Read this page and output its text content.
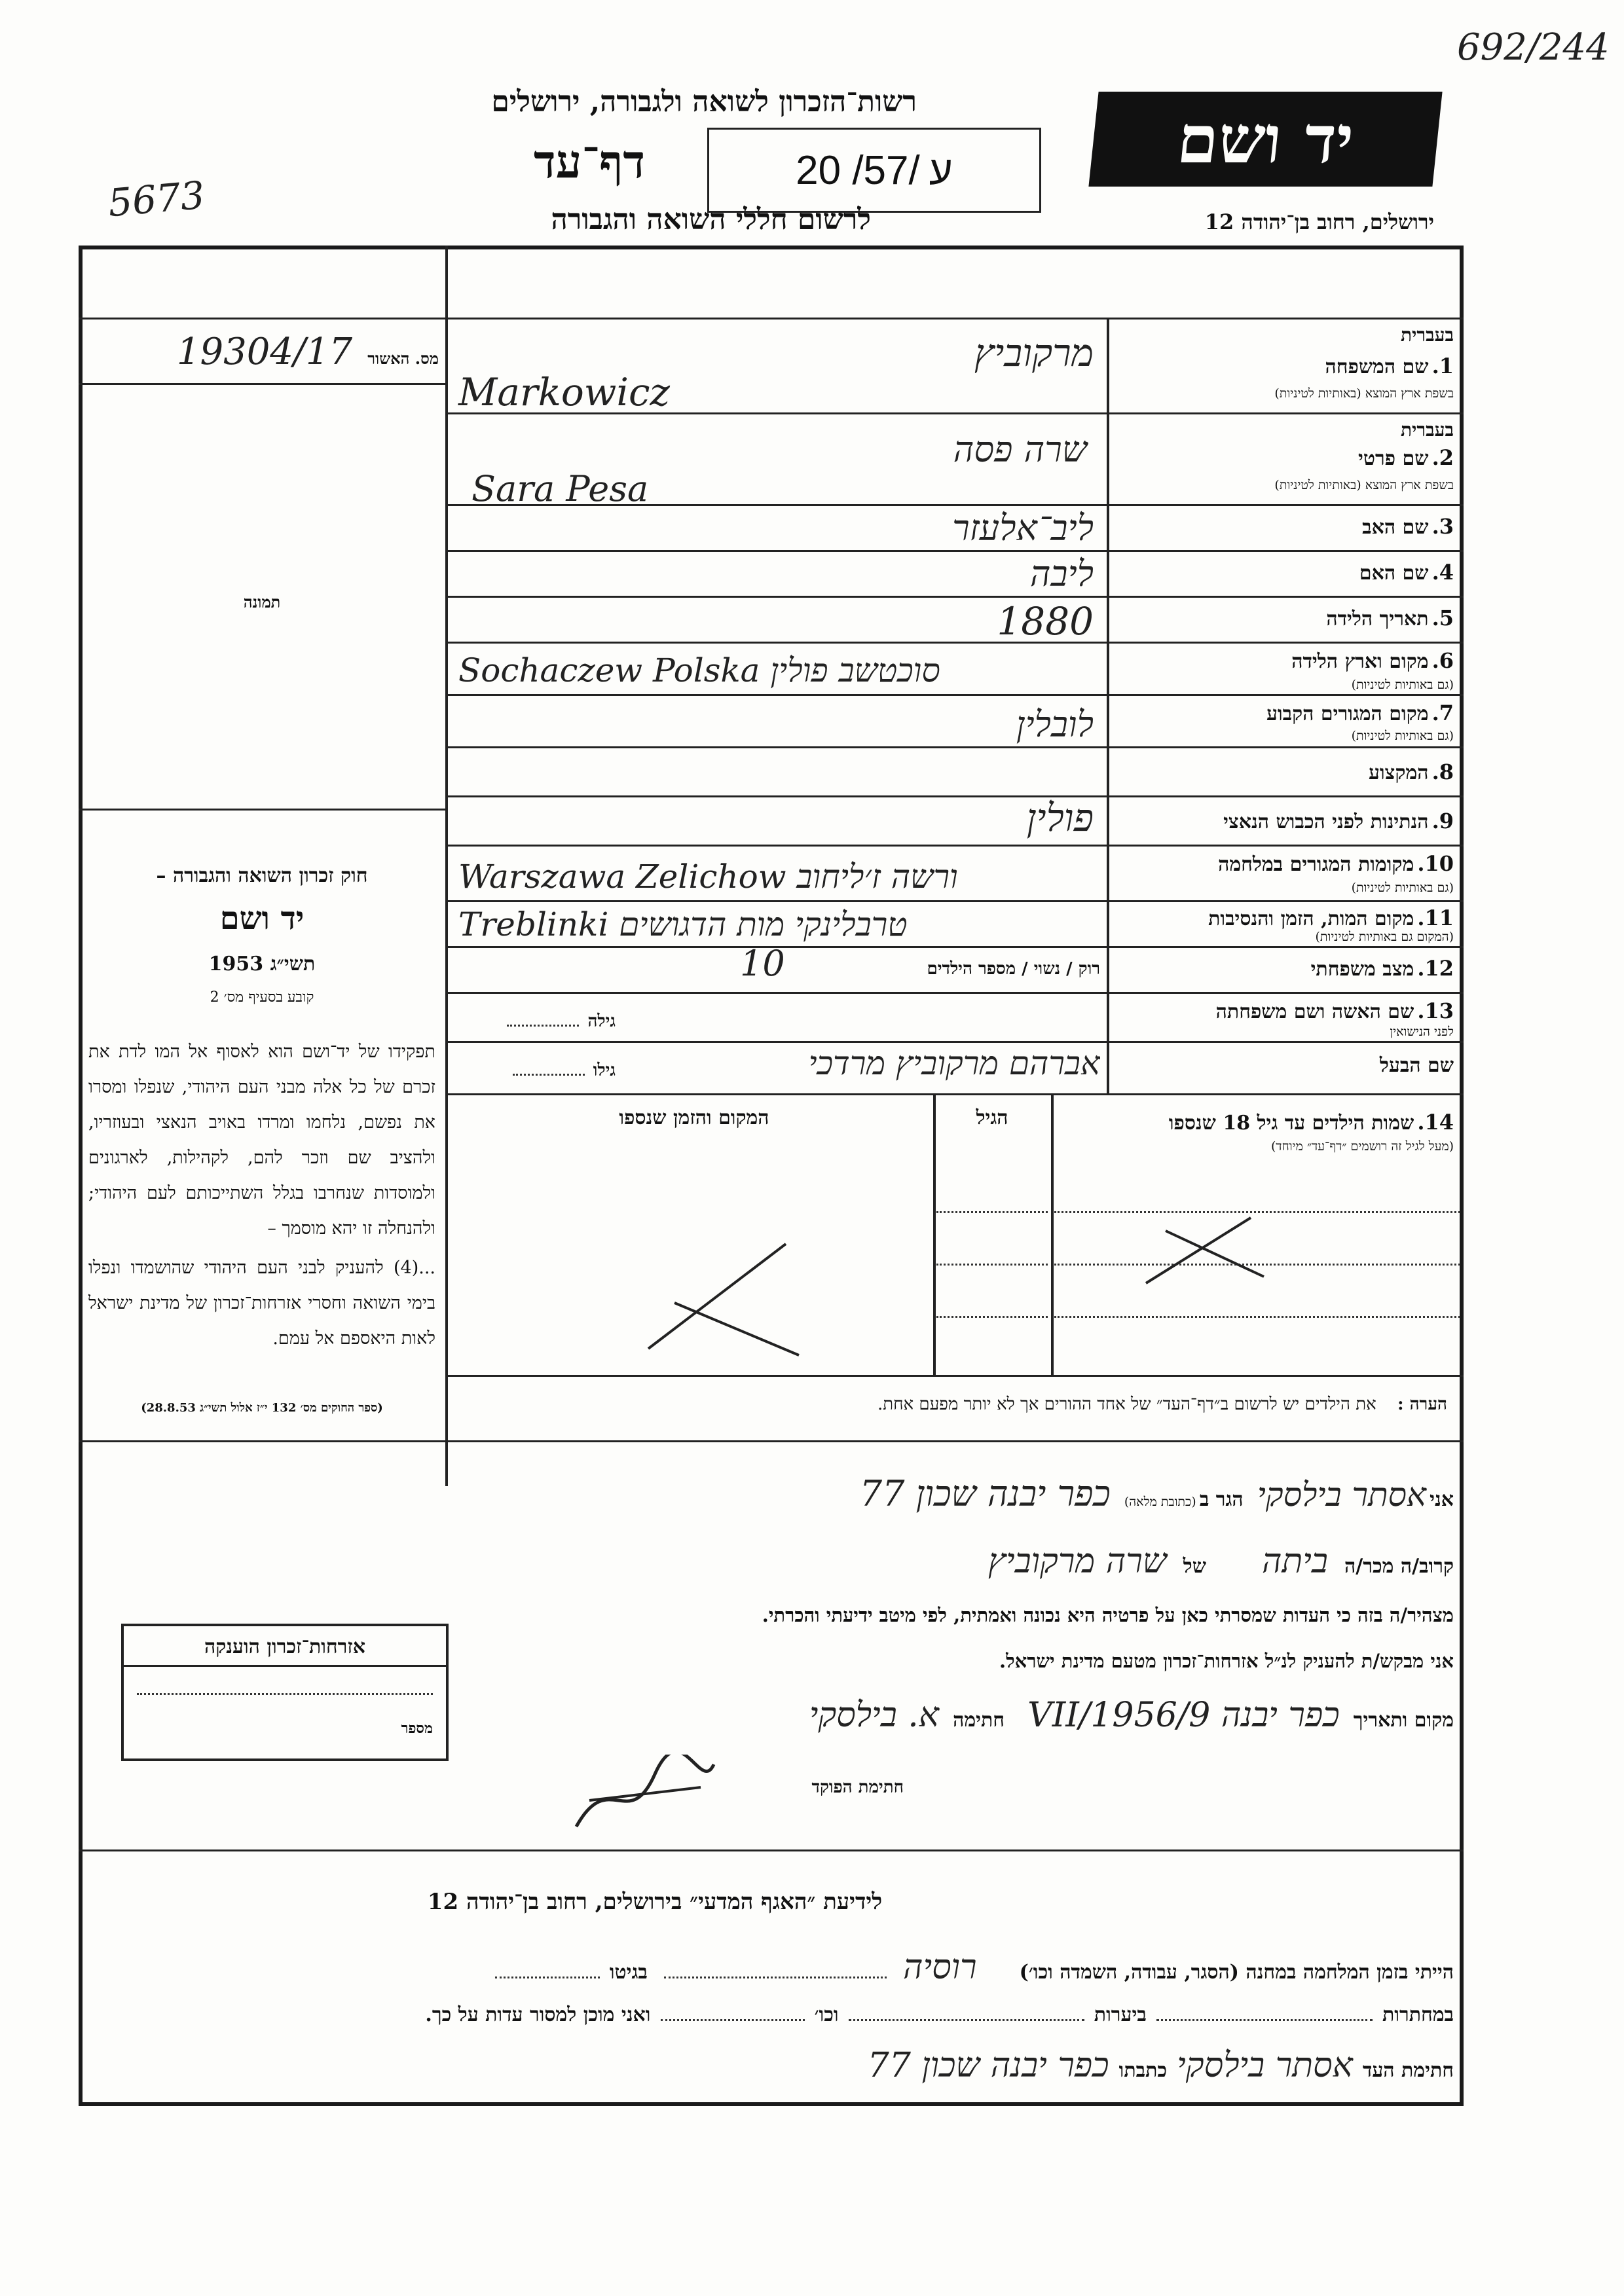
692/244
5673
רשות־הזכרון לשואה ולגבורה, ירושלים
דף־עד
לרשום חללי השואה והגבורה
20 /57/ ע	יד ושם
ירושלים, רחוב בן־יהודה 12
מס. האשור 19304/17
תמונה
חוק זכרון השואה והגבורה –
יד ושם
תשי״ג 1953
קובע בסעיף מס׳ 2
תפקידו של יד־ושם הוא לאסוף אל המו לדת את זכרם של כל אלה מבני העם היהודי, שנפלו ומסרו את נפשם, נלחמו ומרדו באויב הנאצי ובעוזריו, ולהציב שם וזכר להם, לקהילות, לארגונים ולמוסדות שנחרבו בגלל השתייכותם לעם היהודי; ולהנחלה זו יהא מוסמך –
...(4) להעניק לבני העם היהודי שהושמדו ונפלו בימי השואה וחסרי אזרחות־זכרון של מדינת ישראל לאות היאספם אל עמם.
(ספר החוקים מס׳ 132 י״ז אלול תשי״ג 28.8.53)
בעברית
1. שם המשפחה
בשפת ארץ המוצא (באותיות לטיניות)
מרקוביץ
Markowicz
בעברית
2. שם פרטי
בשפת ארץ המוצא (באותיות לטיניות)
שרה פסה
Sara Pesa
3. שם האב
ליב־אלעזר
4. שם האם
ליבה
5. תאריך הלידה
1880
6. מקום וארץ הלידה
(גם באותיות לטיניות)
Sochaczew Polska סוכטשב פולין
7. מקום המגורים הקבוע
(גם באותיות לטיניות)
לובלין
8. המקצוע
9. הנתינות לפני הכבוש הנאצי
פולין
10. מקומות המגורים במלחמה
(גם באותיות לטיניות)
Warszawa Zelichow ורשה ז׳ליחוב
11. מקום המות, הזמן והנסיבות
(המקום גם באותיות לטיניות)
Treblinki טרבלינקי מות הדגושים
12. מצב משפחתי
רוק / נשוי / מספר הילדים
10
13. שם האשה ושם משפחתה
לפני הנישואין
גילה
שם הבעל
גילו	אברהם מרקוביץ מרדכי
14. שמות הילדים עד גיל 18 שנספו
(מעל לגיל זה רושמים ״דף־עד״ מיוחד)
הגיל
המקום והזמן שנספו
הערה : את הילדים יש לרשום ב״דף־העד״ של אחד ההורים אך לא יותר מפעם אחת.
אני אסתר בילסקי הגר ב (כתובת מלאה) כפר יבנה שכון 77
קרוב/ה מכר/ה ביתה של שרה מרקוביץ
מצהיר/ה בזה כי העדות שמסרתי כאן על פרטיה היא נכונה ואמתית, לפי מיטב ידיעתי והכרתי.
אני מבקש/ת להעניק לנ״ל אזרחות־זכרון מטעם מדינת ישראל.
מקום ותאריך כפר יבנה 9/VII/1956 חתימה א. בילסקי
חתימת הפוקד
אזרחות־זכרון הוענקה
מספר
לידיעת ״האגף המדעי״ בירושלים, רחוב בן־יהודה 12
הייתי בזמן המלחמה במחנה (הסגר, עבודה, השמדה וכו׳) רוסיה  בגיטו
במחתרות  ביערות  וכו׳  ואני מוכן למסור עדות על כך.
חתימת העד אסתר בילסקי כתבתו כפר יבנה שכון 77
